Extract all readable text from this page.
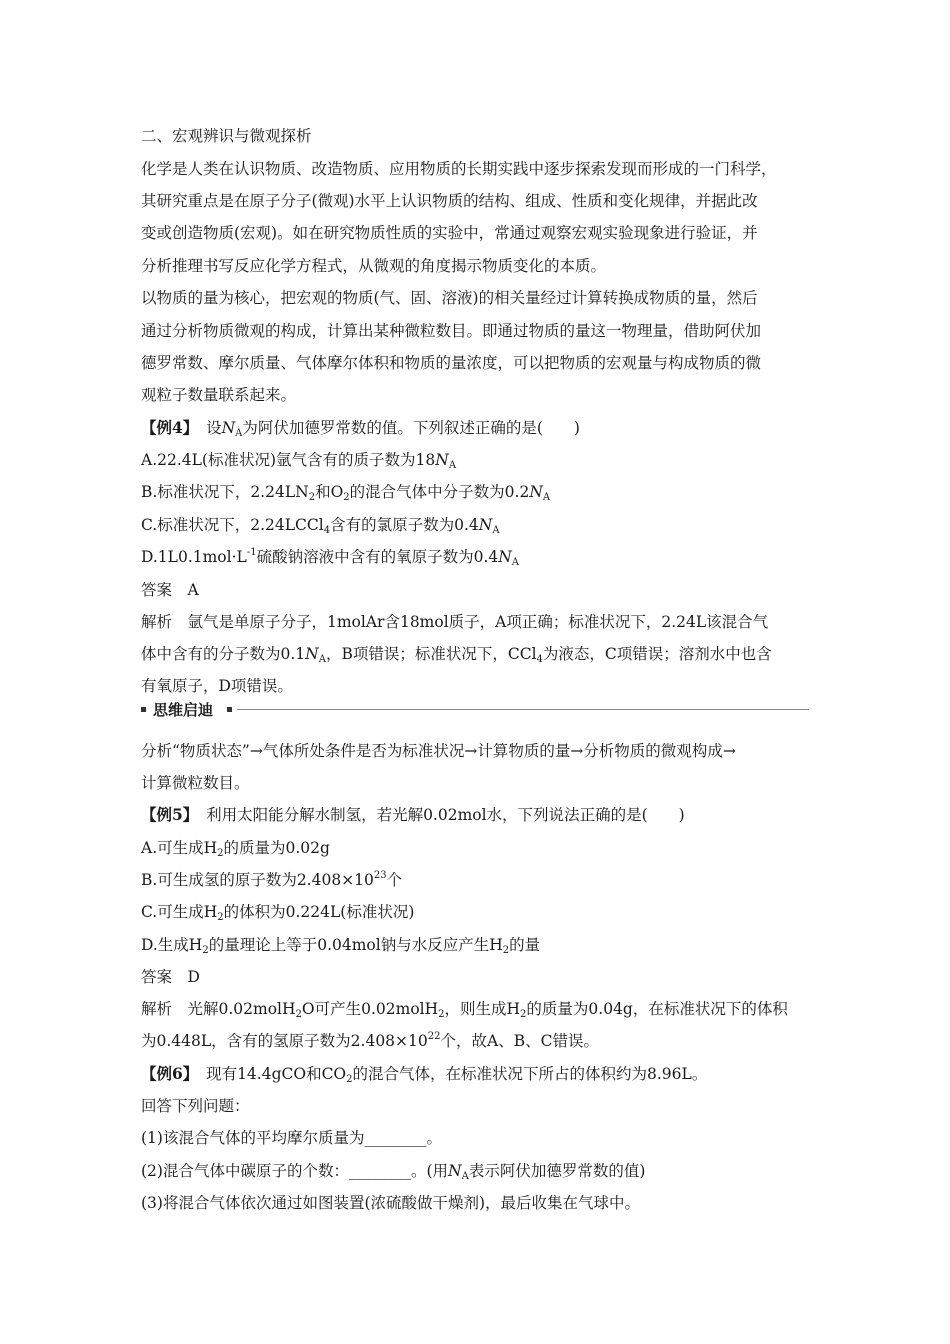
二、宏观辨识与微观探析
化学是人类在认识物质、改造物质、应用物质的长期实践中逐步探索发现而形成的一门科学，
其研究重点是在原子分子(微观)水平上认识物质的结构、组成、性质和变化规律，并据此改
变或创造物质(宏观)。如在研究物质性质的实验中，常通过观察宏观实验现象进行验证，并
分析推理书写反应化学方程式，从微观的角度揭示物质变化的本质。
以物质的量为核心，把宏观的物质(气、固、溶液)的相关量经过计算转换成物质的量，然后
通过分析物质微观的构成，计算出某种微粒数目。即通过物质的量这一物理量，借助阿伏加
德罗常数、摩尔质量、气体摩尔体积和物质的量浓度，可以把物质的宏观量与构成物质的微
观粒子数量联系起来。
【例4】　 设$N_A$为阿伏加德罗常数的值。下列叙述正确的是(　　)
A.22.4L(标准状况)氩气含有的质子数为$18N_A$
B.标准状况下，$2.24LN_2$和$O_2$的混合气体中分子数为$0.2N_A$
C.标准状况下，2.24LCCl$_4$含有的氯原子数为$0.4N_A$
$D.1L0.1mol\cdot L^{-1}$硫酸钠溶液中含有的氧原子数为$0.4N_A$
答案　A
解析　氩气是单原子分子，1molAr含18mol质子，A项正确；标准状况下，2.24L该混合气
体中含有的分子数为$0.1N_A$，B项错误；标准状况下，CCl$_4$为液态，C项错误；溶剂水中也含
有氧原子，D项错误。
思维启迪
分析“物质状态”→气体所处条件是否为标准状况→计算物质的量→分析物质的微观构成→
计算微粒数目。
【例5】　 利用太阳能分解水制氢，若光解0.02mol水，下列说法正确的是(　　)
A.可生成$H_2$的质量为0.02g
B.可生成氢的原子数为$2.408\times 10^{23}$个
C.可生成$H_2$的体积为0.224L(标准状况)
D.生成$H_2$的量理论上等于0.04mol钠与水反应产生$H_2$的量
答案　D
解析　光解0.02molH$_2$O可产生0.02molH$_2$，则生成$H_2$的质量为0.04g，在标准状况下的体积
为0.448L，含有的氢原子数为$2.408\times 10^{22}$个，故A、B、C错误。
【例6】　 现有14.4gCO和$CO_2$的混合气体，在标准状况下所占的体积约为8.96L。
回答下列问题：
(1)该混合气体的平均摩尔质量为________。
(2)混合气体中碳原子的个数：________。(用$N_A$表示阿伏加德罗常数的值)
(3)将混合气体依次通过如图装置(浓硫酸做干燥剂)，最后收集在气球中。
